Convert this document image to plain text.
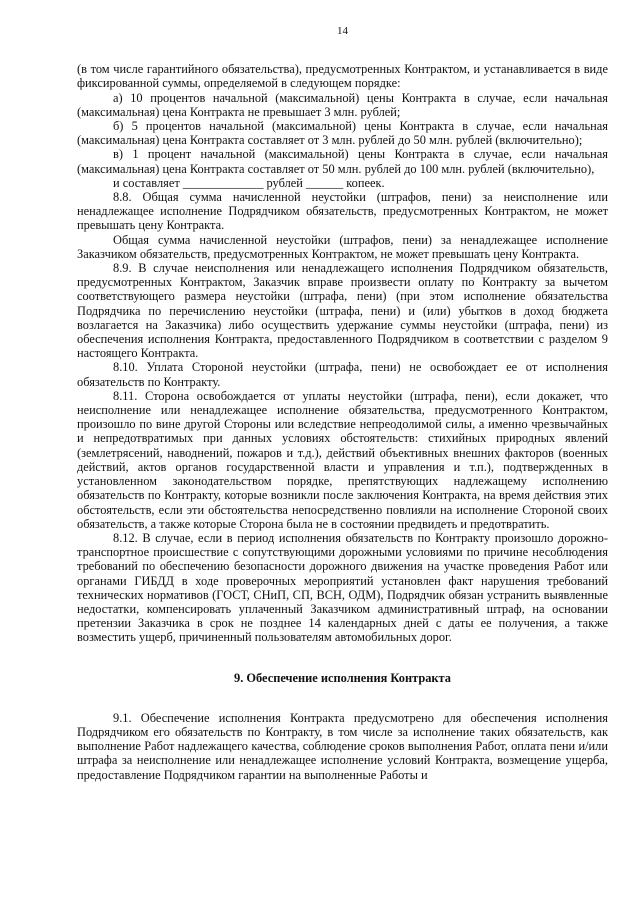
14

(в том числе гарантийного обязательства), предусмотренных Контрактом, и устанавливается в виде фиксированной суммы, определяемой в следующем порядке:

а) 10 процентов начальной (максимальной) цены Контракта в случае, если начальная (максимальная) цена Контракта не превышает 3 млн. рублей;

б) 5 процентов начальной (максимальной) цены Контракта в случае, если начальная (максимальная) цена Контракта составляет от 3 млн. рублей до 50 млн. рублей (включительно);

в) 1 процент начальной (максимальной) цены Контракта в случае, если начальная (максимальная) цена Контракта составляет от 50 млн. рублей до 100 млн. рублей (включительно),

и составляет _____________ рублей ______ копеек.

8.8. Общая сумма начисленной неустойки (штрафов, пени) за неисполнение или ненадлежащее исполнение Подрядчиком обязательств, предусмотренных Контрактом, не может превышать цену Контракта.

Общая сумма начисленной неустойки (штрафов, пени) за ненадлежащее исполнение Заказчиком обязательств, предусмотренных Контрактом, не может превышать цену Контракта.

8.9. В случае неисполнения или ненадлежащего исполнения Подрядчиком обязательств, предусмотренных Контрактом, Заказчик вправе произвести оплату по Контракту за вычетом соответствующего размера неустойки (штрафа, пени) (при этом исполнение обязательства Подрядчика по перечислению неустойки (штрафа, пени) и (или) убытков в доход бюджета возлагается на Заказчика) либо осуществить удержание суммы неустойки (штрафа, пени) из обеспечения исполнения Контракта, предоставленного Подрядчиком в соответствии с разделом 9 настоящего Контракта.

8.10. Уплата Стороной неустойки (штрафа, пени) не освобождает ее от исполнения обязательств по Контракту.

8.11. Сторона освобождается от уплаты неустойки (штрафа, пени), если докажет, что неисполнение или ненадлежащее исполнение обязательства, предусмотренного Контрактом, произошло по вине другой Стороны или вследствие непреодолимой силы, а именно чрезвычайных и непредотвратимых при данных условиях обстоятельств: стихийных природных явлений (землетрясений, наводнений, пожаров и т.д.), действий объективных внешних факторов (военных действий, актов органов государственной власти и управления и т.п.), подтвержденных в установленном законодательством порядке, препятствующих надлежащему исполнению обязательств по Контракту, которые возникли после заключения Контракта, на время действия этих обстоятельств, если эти обстоятельства непосредственно повлияли на исполнение Стороной своих обязательств, а также которые Сторона была не в состоянии предвидеть и предотвратить.

8.12. В случае, если в период исполнения обязательств по Контракту произошло дорожно-транспортное происшествие с сопутствующими дорожными условиями по причине несоблюдения требований по обеспечению безопасности дорожного движения на участке проведения Работ или органами ГИБДД в ходе проверочных мероприятий установлен факт нарушения требований технических нормативов (ГОСТ, СНиП, СП, ВСН, ОДМ), Подрядчик обязан устранить выявленные недостатки, компенсировать уплаченный Заказчиком административный штраф, на основании претензии Заказчика в срок не позднее 14 календарных дней с даты ее получения, а также возместить ущерб, причиненный пользователям автомобильных дорог.

9. Обеспечение исполнения Контракта

9.1. Обеспечение исполнения Контракта предусмотрено для обеспечения исполнения Подрядчиком его обязательств по Контракту, в том числе за исполнение таких обязательств, как выполнение Работ надлежащего качества, соблюдение сроков выполнения Работ, оплата пени и/или штрафа за неисполнение или ненадлежащее исполнение условий Контракта, возмещение ущерба, предоставление Подрядчиком гарантии на выполненные Работы и
